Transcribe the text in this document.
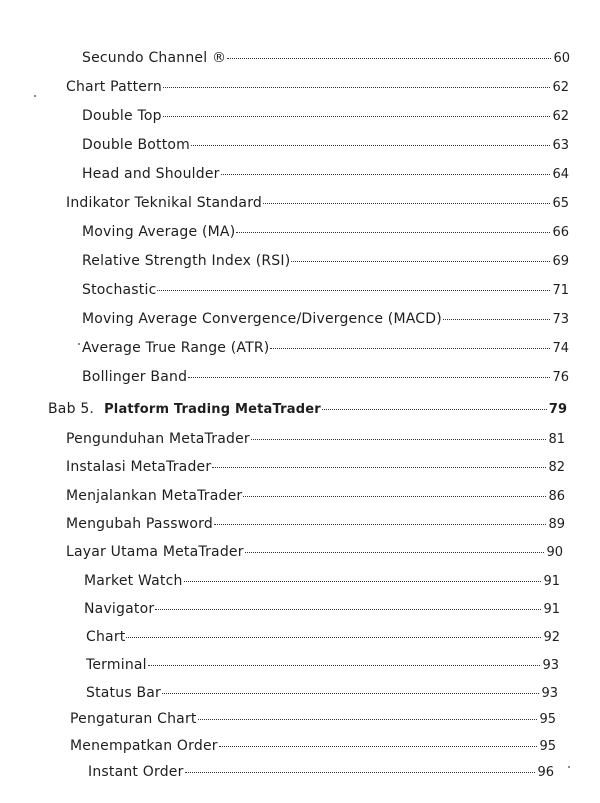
Secundo Channel ®	60
Chart Pattern	62
Double Top	62
Double Bottom	63
Head and Shoulder	64
Indikator Teknikal Standard	65
Moving Average (MA)	66
Relative Strength Index (RSI)	69
Stochastic	71
Moving Average Convergence/Divergence (MACD)	73
Average True Range (ATR)	74
Bollinger Band	76
Bab 5. Platform Trading MetaTrader	79
Pengunduhan MetaTrader	81
Instalasi MetaTrader	82
Menjalankan MetaTrader	86
Mengubah Password	89
Layar Utama MetaTrader	90
Market Watch	91
Navigator	91
Chart	92
Terminal	93
Status Bar	93
Pengaturan Chart	95
Menempatkan Order	95
Instant Order	96
